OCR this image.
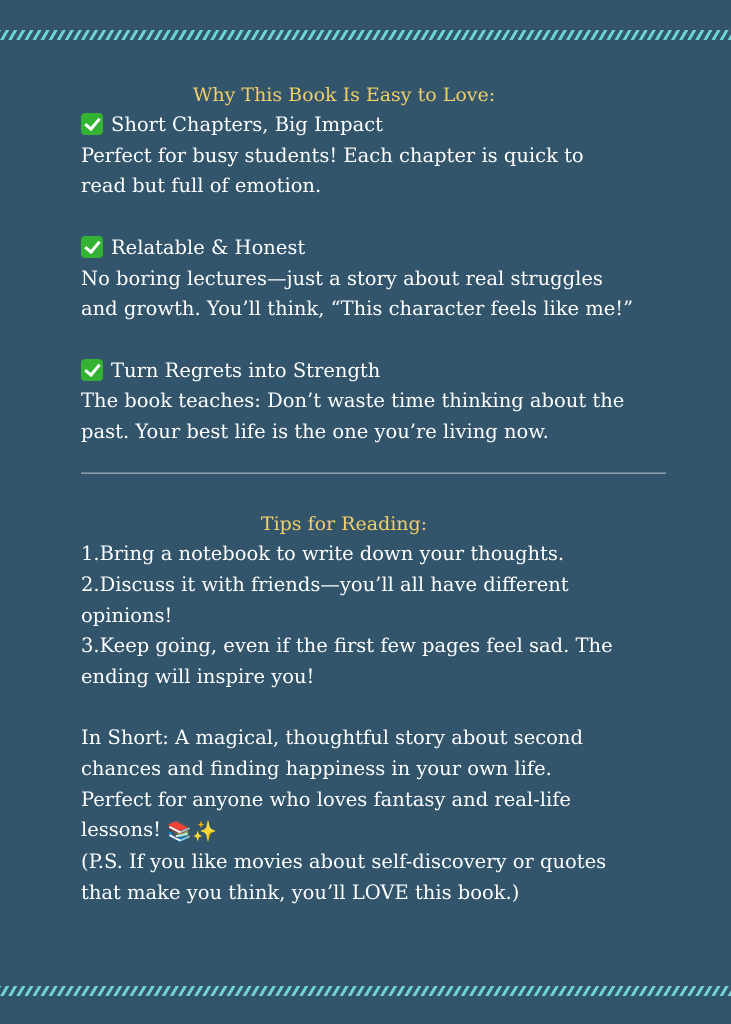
Why This Book Is Easy to Love:
Short Chapters, Big Impact
Perfect for busy students! Each chapter is quick to
read but full of emotion.
Relatable & Honest
No boring lectures—just a story about real struggles
and growth. You’ll think, “This character feels like me!”
Turn Regrets into Strength
The book teaches: Don’t waste time thinking about the
past. Your best life is the one you’re living now.
____________________________________________________________
Tips for Reading:
1.Bring a notebook to write down your thoughts.
2.Discuss it with friends—you’ll all have different
opinions!
3.Keep going, even if the first few pages feel sad. The
ending will inspire you!
In Short: A magical, thoughtful story about second
chances and finding happiness in your own life.
Perfect for anyone who loves fantasy and real-life
lessons! 📚✨
(P.S. If you like movies about self-discovery or quotes
that make you think, you’ll LOVE this book.)
